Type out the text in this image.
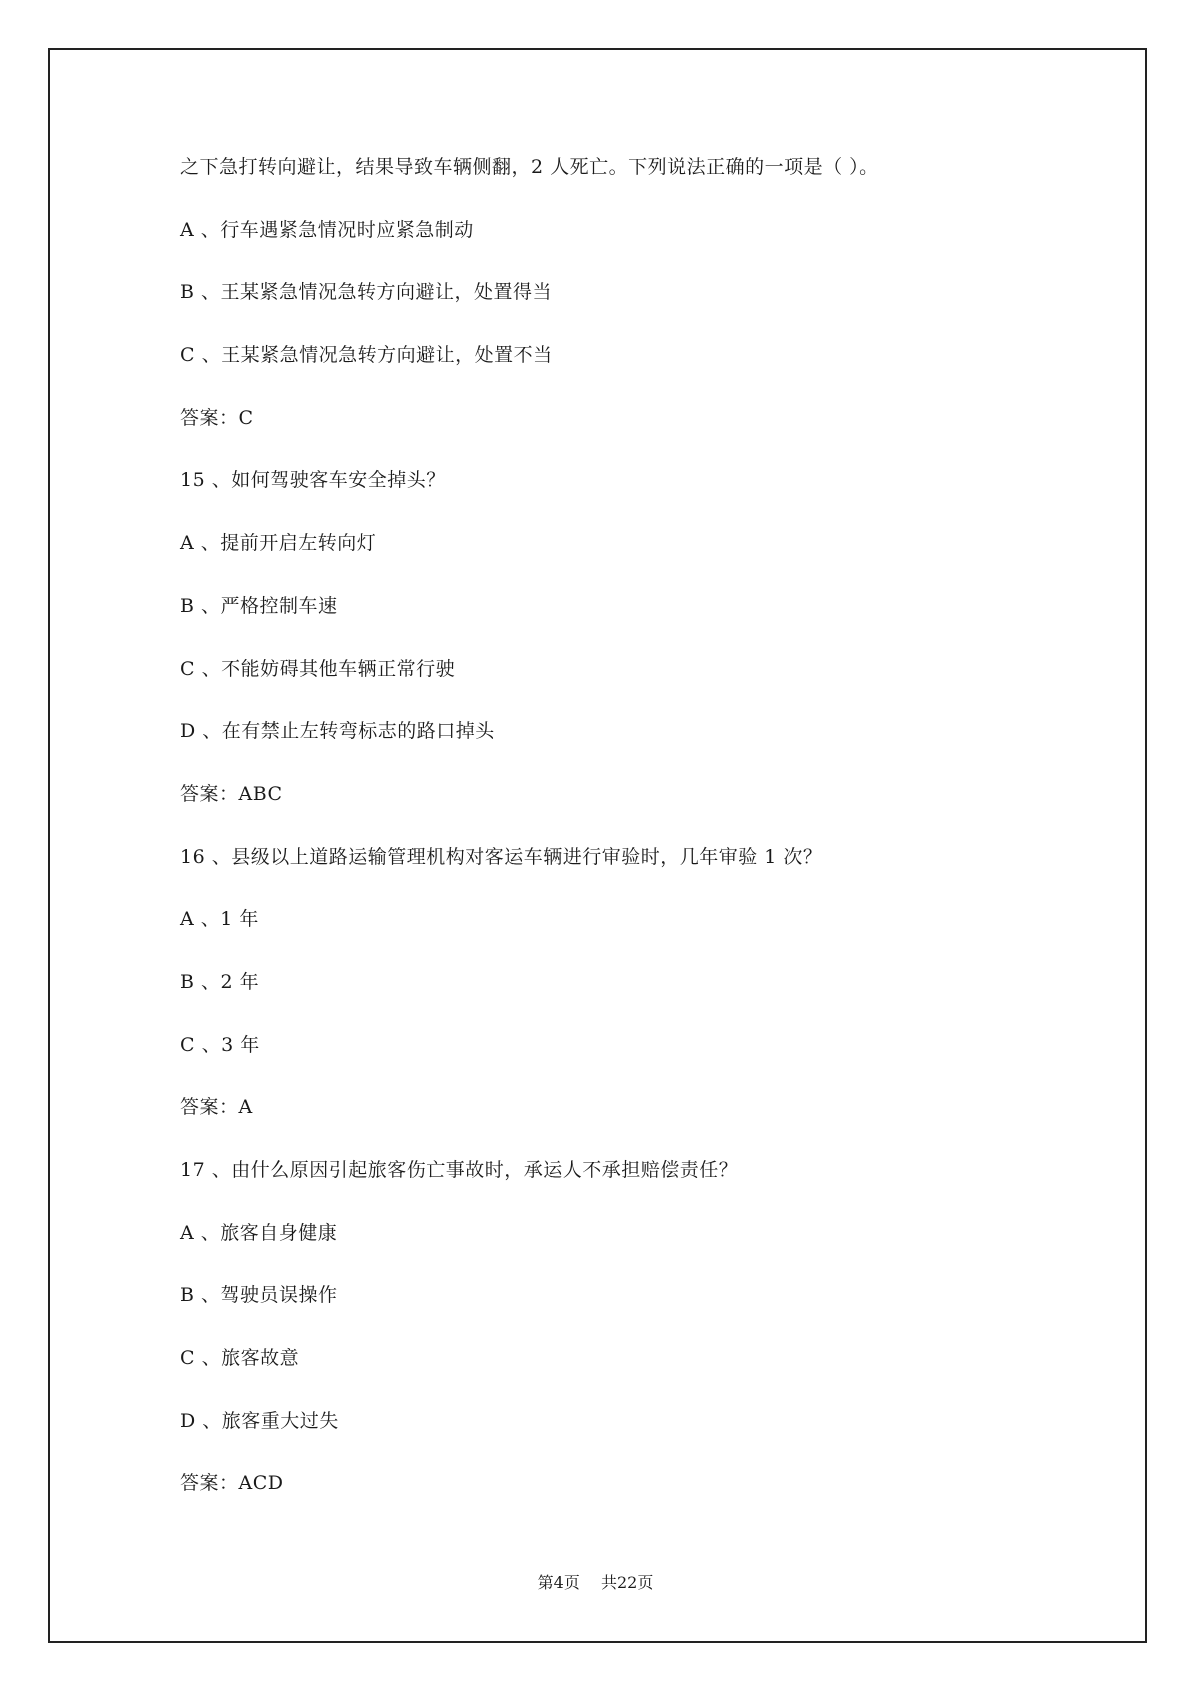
之下急打转向避让，结果导致车辆侧翻，2 人死亡。下列说法正确的一项是（ ）。
A 、行车遇紧急情况时应紧急制动
B 、王某紧急情况急转方向避让，处置得当
C 、王某紧急情况急转方向避让，处置不当
答案：C
15 、如何驾驶客车安全掉头？
A 、提前开启左转向灯
B 、严格控制车速
C 、不能妨碍其他车辆正常行驶
D 、在有禁止左转弯标志的路口掉头
答案：ABC
16 、县级以上道路运输管理机构对客运车辆进行审验时，几年审验 1 次？
A 、1 年
B 、2 年
C 、3 年
答案：A
17 、由什么原因引起旅客伤亡事故时，承运人不承担赔偿责任？
A 、旅客自身健康
B 、驾驶员误操作
C 、旅客故意
D 、旅客重大过失
答案：ACD
第4页 共22页
